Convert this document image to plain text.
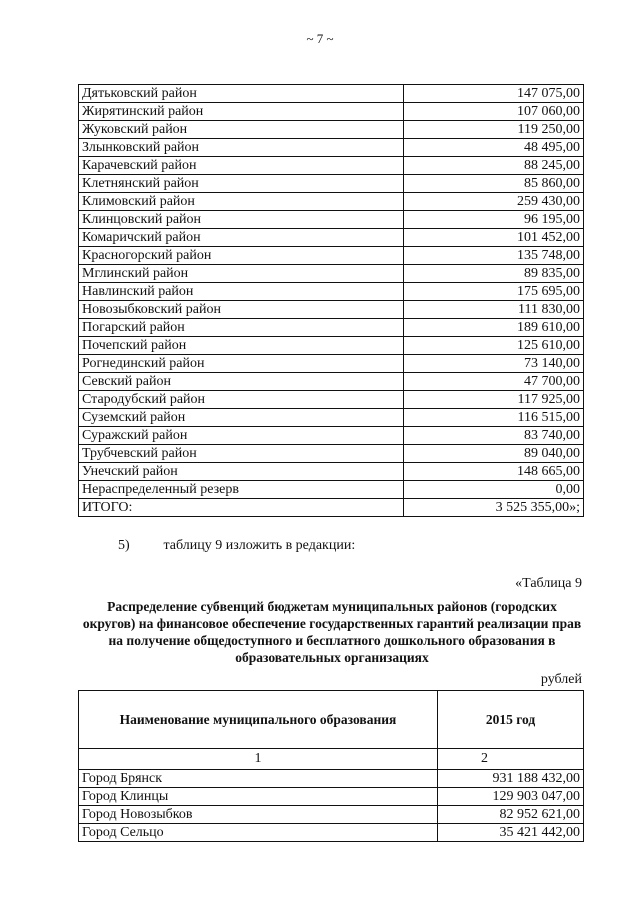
~ 7 ~
Дятьковский район	147 075,00
Жирятинский район	107 060,00
Жуковский район	119 250,00
Злынковский район	48 495,00
Карачевский район	88 245,00
Клетнянский район	85 860,00
Климовский район	259 430,00
Клинцовский район	96 195,00
Комаричский район	101 452,00
Красногорский район	135 748,00
Мглинский район	89 835,00
Навлинский район	175 695,00
Новозыбковский район	111 830,00
Погарский район	189 610,00
Почепский район	125 610,00
Рогнединский район	73 140,00
Севский район	47 700,00
Стародубский район	117 925,00
Суземский район	116 515,00
Суражский район	83 740,00
Трубчевский район	89 040,00
Унечский район	148 665,00
Нераспределенный резерв	0,00
ИТОГО:	3 525 355,00»;
5) таблицу 9 изложить в редакции:
«Таблица 9
Распределение субвенций бюджетам муниципальных районов (городских округов) на финансовое обеспечение государственных гарантий реализации прав на получение общедоступного и бесплатного дошкольного образования в образовательных организациях
рублей
Наименование муниципального образования	2015 год
1	2
Город Брянск	931 188 432,00
Город Клинцы	129 903 047,00
Город Новозыбков	82 952 621,00
Город Сельцо	35 421 442,00
